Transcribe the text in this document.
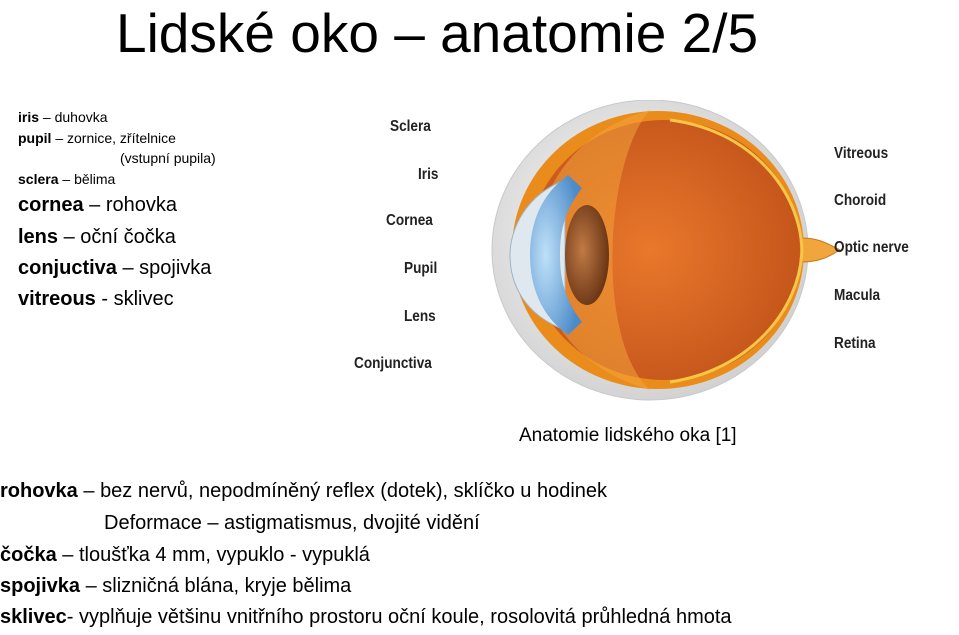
Lidské oko – anatomie 2/5
iris – duhovka
pupil – zornice, zřítelnice
(vstupní pupila)
sclera – bělima
cornea – rohovka
lens – oční čočka
conjuctiva – spojivka
vitreous - sklivec
Sclera
Iris
Cornea
Pupil
Lens
Conjunctiva
Vitreous
Choroid
Optic nerve
Macula
Retina
Anatomie lidského oka [1]
rohovka – bez nervů, nepodmíněný reflex (dotek), sklíčko u hodinek
Deformace – astigmatismus, dvojité vidění
čočka – tloušťka 4 mm, vypuklo - vypuklá
spojivka – slizničná blána, kryje bělima
sklivec- vyplňuje většinu vnitřního prostoru oční koule, rosolovitá průhledná hmota
